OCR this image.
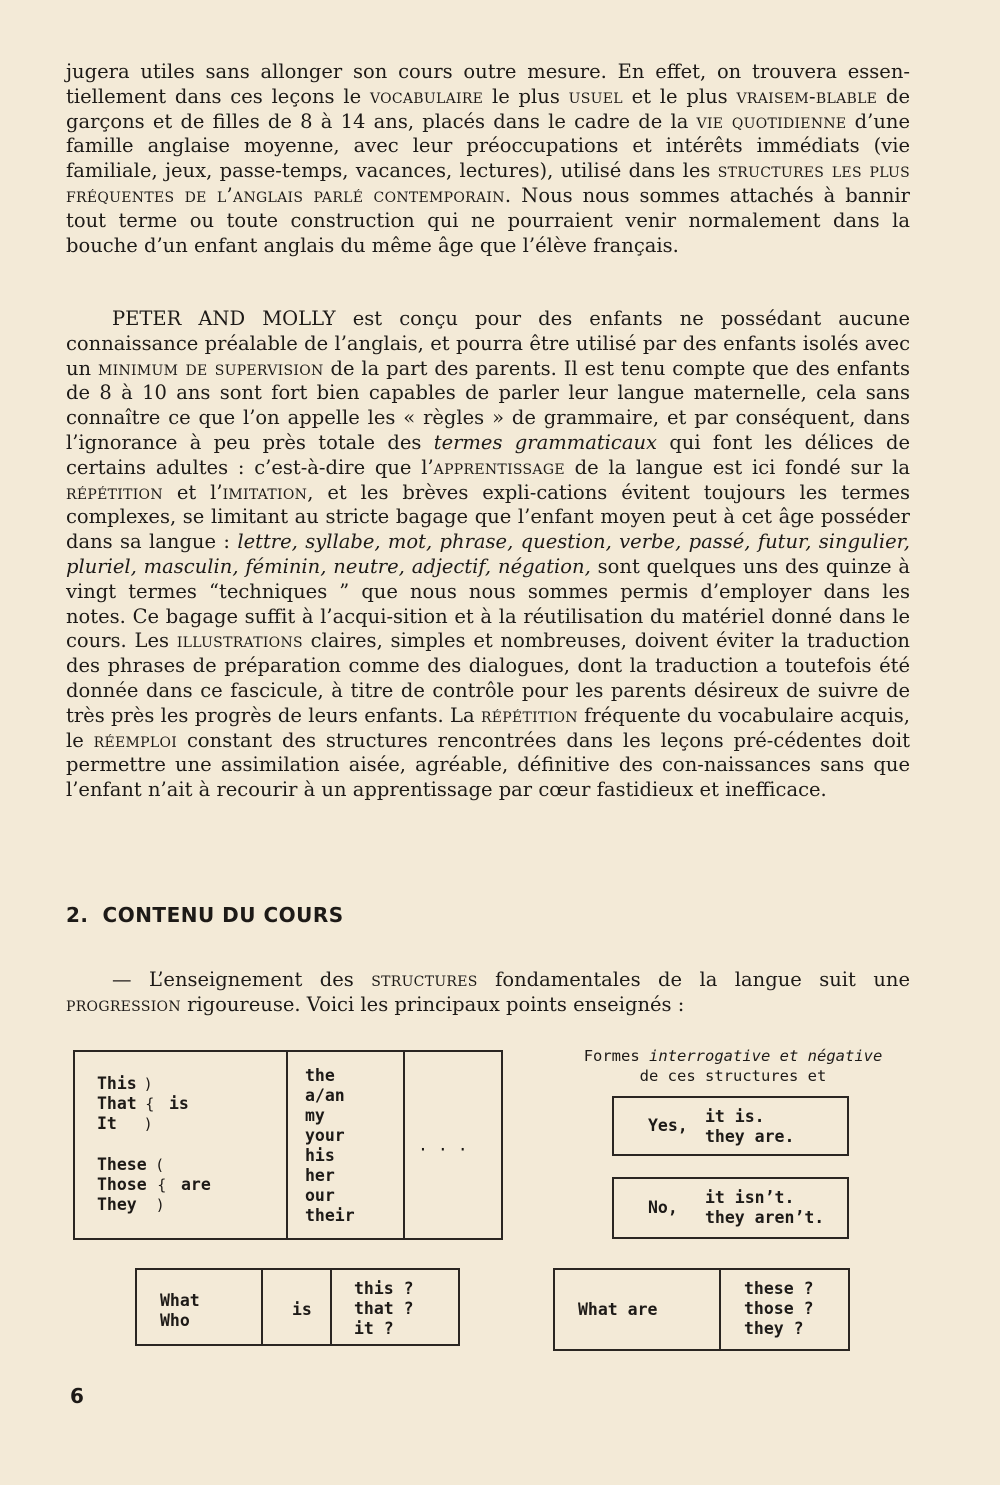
jugera utiles sans allonger son cours outre mesure. En effet, on trouvera essen-tiellement dans ces leçons le vocabulaire le plus usuel et le plus vraisem-blable de garçons et de filles de 8 à 14 ans, placés dans le cadre de la vie quotidienne d’une famille anglaise moyenne, avec leur préoccupations et intérêts immédiats (vie familiale, jeux, passe-temps, vacances, lectures), utilisé dans les structures les plus fréquentes de l’anglais parlé contemporain. Nous nous sommes attachés à bannir tout terme ou toute construction qui ne pourraient venir normalement dans la bouche d’un enfant anglais du même âge que l’élève français.

PETER AND MOLLY est conçu pour des enfants ne possédant aucune connaissance préalable de l’anglais, et pourra être utilisé par des enfants isolés avec un minimum de supervision de la part des parents. Il est tenu compte que des enfants de 8 à 10 ans sont fort bien capables de parler leur langue maternelle, cela sans connaître ce que l’on appelle les « règles » de grammaire, et par conséquent, dans l’ignorance à peu près totale des termes grammaticaux qui font les délices de certains adultes : c’est-à-dire que l’apprentissage de la langue est ici fondé sur la répétition et l’imitation, et les brèves expli-cations évitent toujours les termes complexes, se limitant au stricte bagage que l’enfant moyen peut à cet âge posséder dans sa langue : lettre, syllabe, mot, phrase, question, verbe, passé, futur, singulier, pluriel, masculin, féminin, neutre, adjectif, négation, sont quelques uns des quinze à vingt termes “techniques ” que nous nous sommes permis d’employer dans les notes. Ce bagage suffit à l’acqui-sition et à la réutilisation du matériel donné dans le cours. Les illustrations claires, simples et nombreuses, doivent éviter la traduction des phrases de préparation comme des dialogues, dont la traduction a toutefois été donnée dans ce fascicule, à titre de contrôle pour les parents désireux de suivre de très près les progrès de leurs enfants. La répétition fréquente du vocabulaire acquis, le réemploi constant des structures rencontrées dans les leçons pré-cédentes doit permettre une assimilation aisée, agréable, définitive des con-naissances sans que l’enfant n’ait à recourir à un apprentissage par cœur fastidieux et inefficace.

2. CONTENU DU COURS

— L’enseignement des structures fondamentales de la langue suit une progression rigoureuse. Voici les principaux points enseignés :

This
That
It
)
{
)
is
These
Those
They
(
{
)
are
the
a/an
my
your
his
her
our
their
· · ·
Formes interrogative et négative
de ces structures et
Yes, it is.
they are.
No,
it isn’t.
they aren’t.
What
Who
is
this ?
that ?
it ?
What are
these ?
those ?
they ?
6
